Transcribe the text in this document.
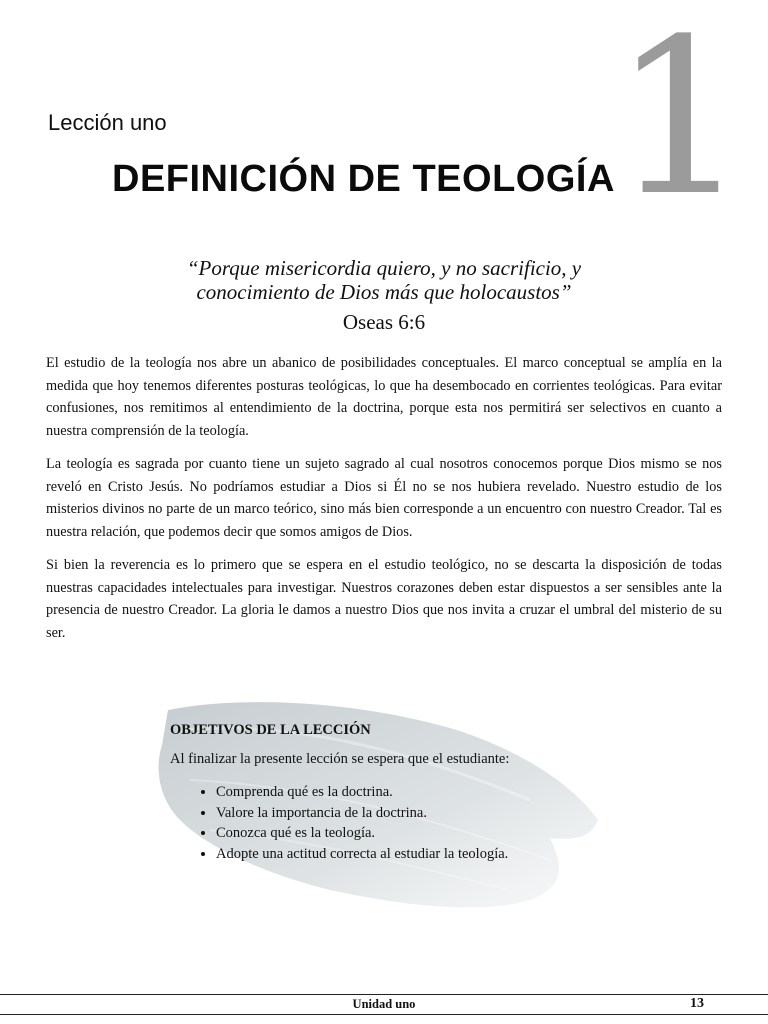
1
Lección uno
DEFINICIÓN DE TEOLOGÍA

“Porque misericordia quiero, y no sacrificio, y

conocimiento de Dios más que holocaustos”

Oseas 6:6

El estudio de la teología nos abre un abanico de posibilidades conceptuales. El marco conceptual se amplía en la medida que hoy tenemos diferentes posturas teológicas, lo que ha desembocado en corrientes teológicas. Para evitar confusiones, nos remitimos al entendimiento de la doctrina, porque esta nos permitirá ser selectivos en cuanto a nuestra comprensión de la teología.

La teología es sagrada por cuanto tiene un sujeto sagrado al cual nosotros conocemos porque Dios mismo se nos reveló en Cristo Jesús. No podríamos estudiar a Dios si Él no se nos hubiera revelado. Nuestro estudio de los misterios divinos no parte de un marco teórico, sino más bien corresponde a un encuentro con nuestro Creador. Tal es nuestra relación, que podemos decir que somos amigos de Dios.

Si bien la reverencia es lo primero que se espera en el estudio teológico, no se descarta la disposición de todas nuestras capacidades intelectuales para investigar. Nuestros corazones deben estar dispuestos a ser sensibles ante la presencia de nuestro Creador. La gloria le damos a nuestro Dios que nos invita a cruzar el umbral del misterio de su ser.

OBJETIVOS DE LA LECCIÓN

Al finalizar la presente lección se espera que el estudiante:

• Comprenda qué es la doctrina.
• Valore la importancia de la doctrina.
• Conozca qué es la teología.
• Adopte una actitud correcta al estudiar la teología.
Unidad uno	13
